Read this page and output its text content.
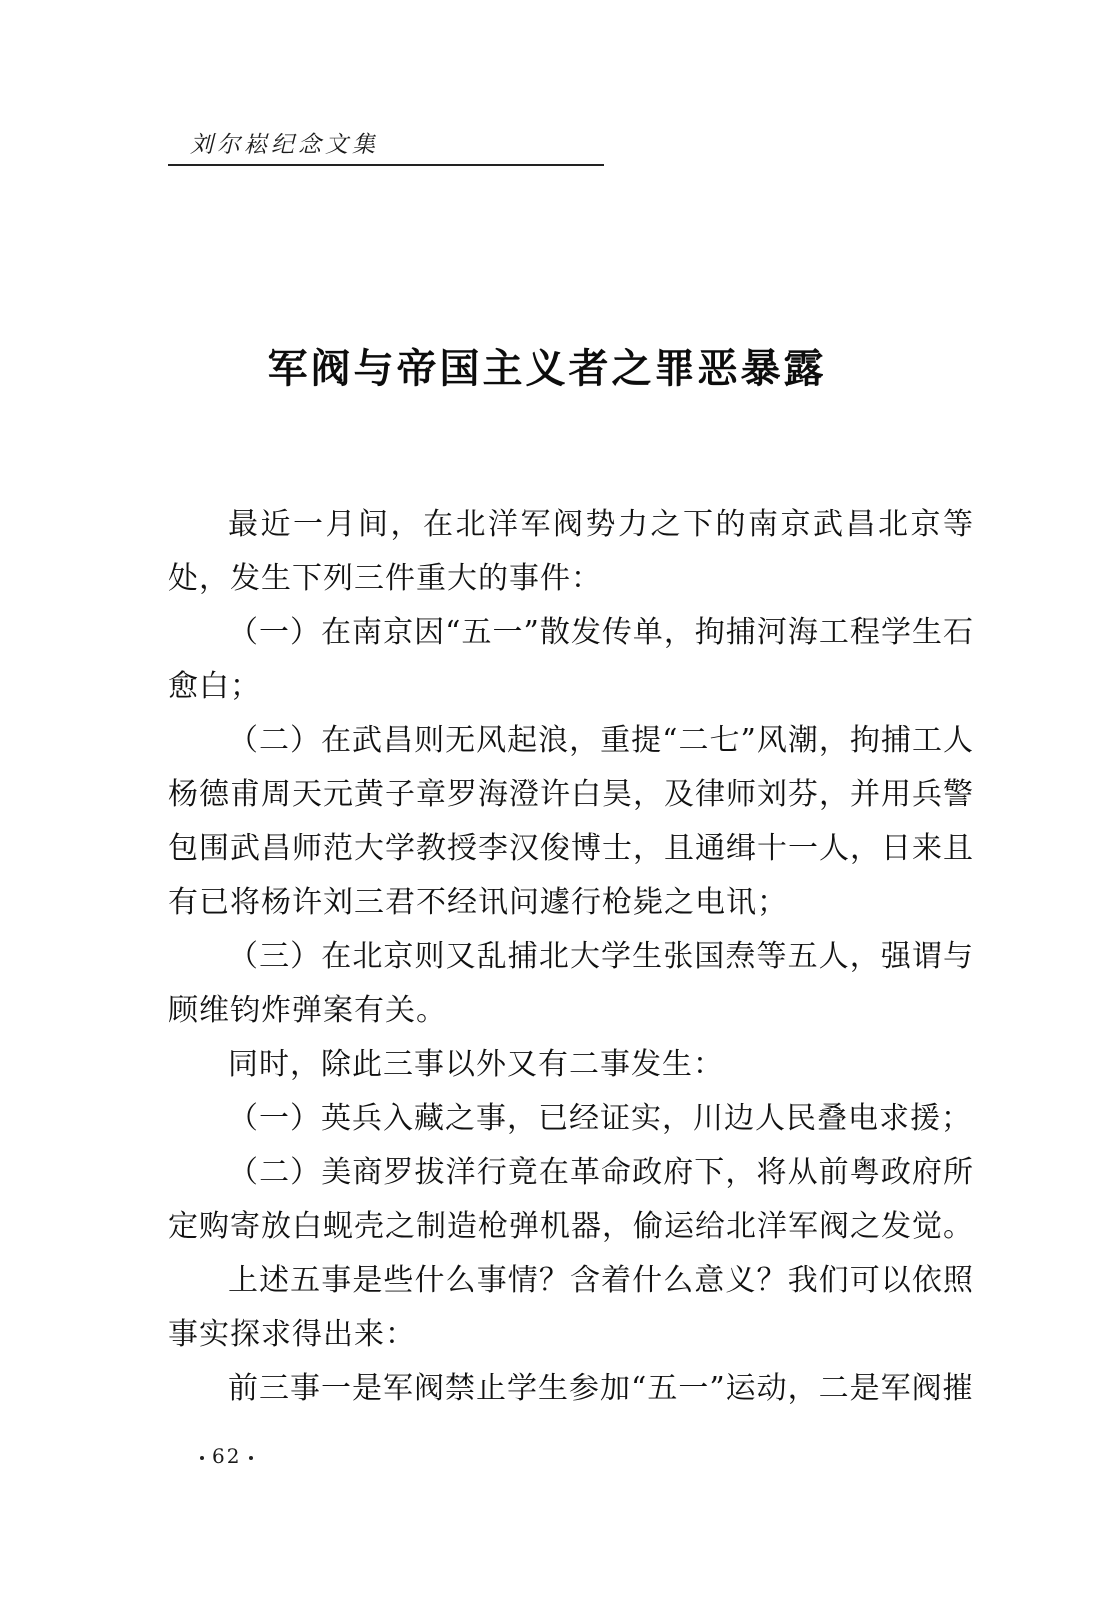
刘尔崧纪念文集
军阀与帝国主义者之罪恶暴露

最近一月间，在北洋军阀势力之下的南京武昌北京等处，发生下列三件重大的事件：

（一）在南京因“五一”散发传单，拘捕河海工程学生石愈白；

（二）在武昌则无风起浪，重提“二七”风潮，拘捕工人杨德甫周天元黄子章罗海澄许白昊，及律师刘芬，并用兵警包围武昌师范大学教授李汉俊博士，且通缉十一人，日来且有已将杨许刘三君不经讯问遽行枪毙之电讯；

（三）在北京则又乱捕北大学生张国焘等五人，强谓与顾维钧炸弹案有关。

同时，除此三事以外又有二事发生：

（一）英兵入藏之事，已经证实，川边人民叠电求援；

（二）美商罗拔洋行竟在革命政府下，将从前粤政府所定购寄放白蚬壳之制造枪弹机器，偷运给北洋军阀之发觉。

上述五事是些什么事情？含着什么意义？我们可以依照事实探求得出来：

前三事一是军阀禁止学生参加“五一”运动，二是军阀摧

62
